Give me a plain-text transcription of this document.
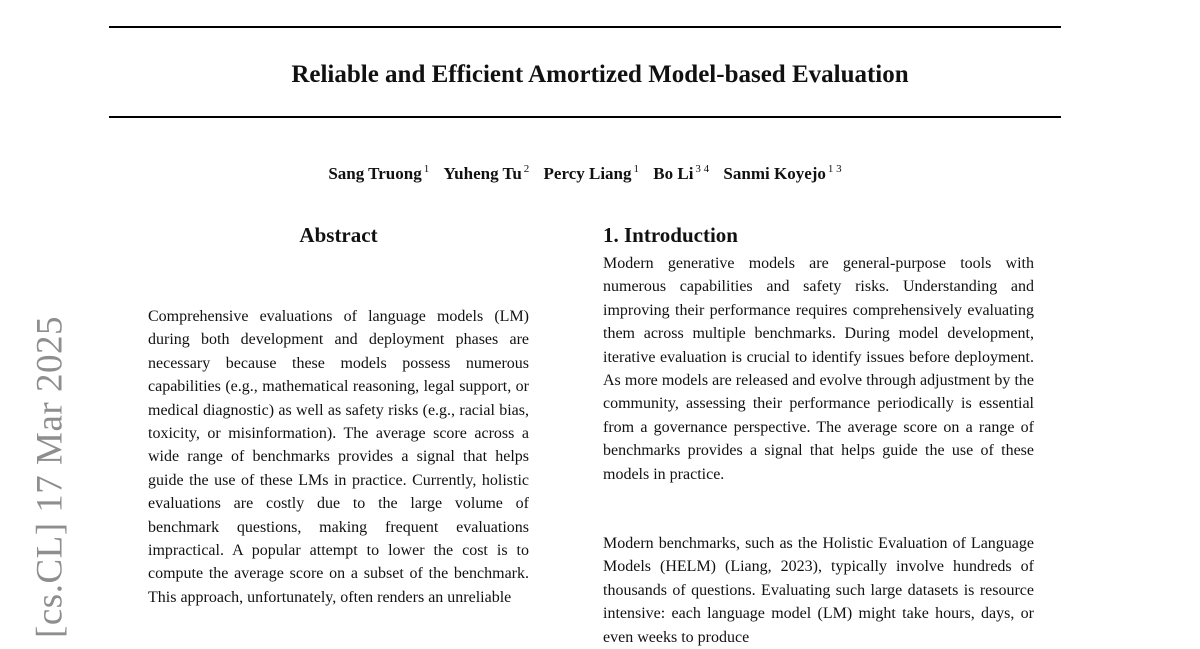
Reliable and Efficient Amortized Model-based Evaluation
Sang Truong $^1$ Yuheng Tu $^2$ Percy Liang $^1$ Bo Li $^{3 4}$ Sanmi Koyejo $^{1 3}$
[cs.CL] 17 Mar 2025
Abstract

Comprehensive evaluations of language models (LM) during both development and deployment phases are necessary because these models possess numerous capabilities (e.g., mathematical reasoning, legal support, or medical diagnostic) as well as safety risks (e.g., racial bias, toxicity, or misinformation). The average score across a wide range of benchmarks provides a signal that helps guide the use of these LMs in practice. Currently, holistic evaluations are costly due to the large volume of benchmark questions, making frequent evaluations impractical. A popular attempt to lower the cost is to compute the average score on a subset of the benchmark. This approach, unfortunately, often renders an unreliable

1. Introduction

Modern generative models are general-purpose tools with numerous capabilities and safety risks. Understanding and improving their performance requires comprehensively evaluating them across multiple benchmarks. During model development, iterative evaluation is crucial to identify issues before deployment. As more models are released and evolve through adjustment by the community, assessing their performance periodically is essential from a governance perspective. The average score on a range of benchmarks provides a signal that helps guide the use of these models in practice.

Modern benchmarks, such as the Holistic Evaluation of Language Models (HELM) (Liang, 2023), typically involve hundreds of thousands of questions. Evaluating such large datasets is resource intensive: each language model (LM) might take hours, days, or even weeks to produce
